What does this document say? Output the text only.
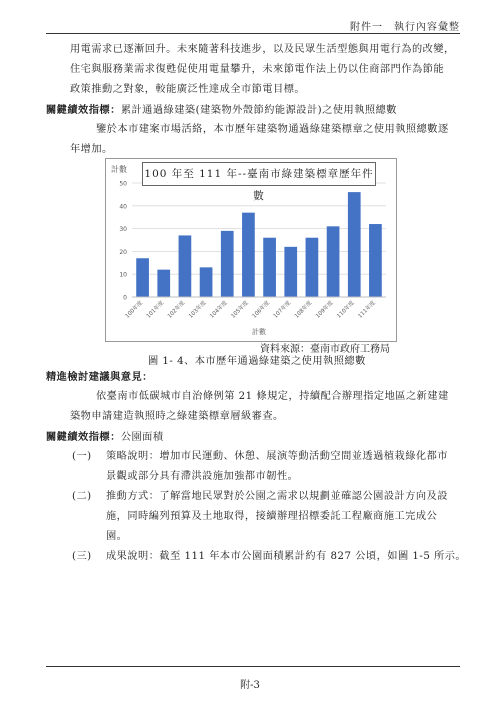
附件一　執行內容彙整
用電需求已逐漸回升。未來隨著科技進步，以及民眾生活型態與用電行為的改變，
住宅與服務業需求復甦促使用電量攀升，未來節電作法上仍以住商部門作為節能
政策推動之對象，較能廣泛性達成全市節電目標。
關鍵績效指標：累計通過綠建築(建築物外殼節約能源設計)之使用執照總數
鑒於本市建案市場活絡，本市歷年建築物通過綠建築標章之使用執照總數逐
年增加。
計數
0
10
20
30
40
50
100年度 101年度 102年度 103年度 104年度 105年度 106年度 107年度 108年度 109年度 110年度 111年度
計數
100 年至 111 年--臺南市綠建築標章歷年件數
資料來源：臺南市政府工務局
圖 1- 4、本市歷年通過綠建築之使用執照總數
精進檢討建議與意見：
依臺南市低碳城市自治條例第 21 條規定，持續配合辦理指定地區之新建建
築物申請建造執照時之綠建築標章層級審查。
關鍵績效指標：公園面積
(一) 策略說明：增加市民運動、休憩、展演等動活動空間並透過植栽綠化都市
景觀或部分具有滯洪設施加強都市韌性。
(二) 推動方式：了解當地民眾對於公園之需求以規劃並確認公園設計方向及設
施，同時編列預算及土地取得，接續辦理招標委託工程廠商施工完成公
園。
(三) 成果說明：截至 111 年本市公園面積累計約有 827 公頃，如圖 1-5 所示。
附-3
